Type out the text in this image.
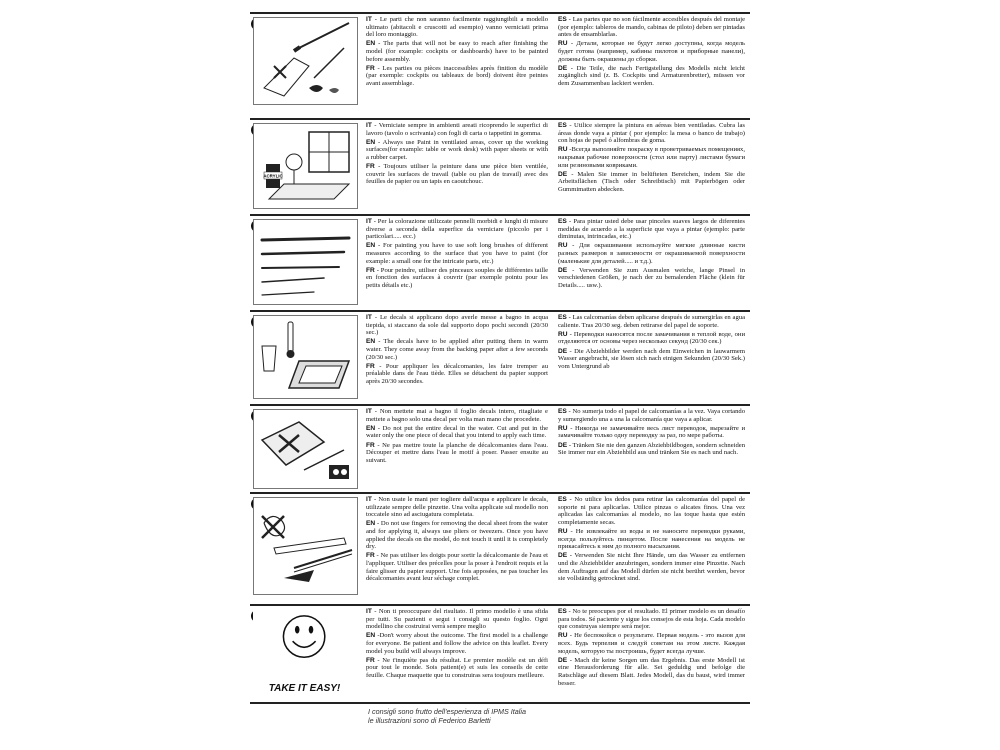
IT - Le parti che non saranno facilmente raggiungibili a modello ultimato (abitacoli e cruscotti ad esempio) vanno verniciati prima del loro montaggio.

EN - The parts that will not be easy to reach after finishing the model (for example: cockpits or dashboards) have to be painted before assembly.

FR - Les parties ou pièces inaccessibles après finition du modèle (par exemple: cockpits ou tableaux de bord) doivent être peintes avant assemblage.

ES - Las partes que no son fácilmente accesibles después del montaje (por ejemplo: tableros de mando, cabinas de piloto) deben ser pintadas antes de ensamblarlas.

RU - Детали, которые не будут легко доступны, когда модель будет готова (например, кабины пилотов и приборные панели), должны быть окрашены до сборки.

DE - Die Teile, die nach Fertigstellung des Modells nicht leicht zugänglich sind (z. B. Cockpits und Armaturenbretter), müssen vor dem Zusammenbau lackiert werden.

ACRYLIC

IT - Verniciate sempre in ambienti areati ricoprendo le superfici di lavoro (tavolo o scrivania) con fogli di carta o tappetini in gomma.

EN - Always use Paint in ventilated areas, cover up the working surfaces(for example: table or work desk) with paper sheets or with a rubber carpet.

FR - Toujours utiliser la peinture dans une pièce bien ventilée, couvrir les surfaces de travail (table ou plan de travail) avec des feuilles de papier ou un tapis en caoutchouc.

ES - Utilice siempre la pintura en aéreas bien ventiladas. Cubra las áreas donde vaya a pintar ( por ejemplo: la mesa o banco de trabajo) con hojas de papel ó alfombras de goma.

RU -Всегда выполняйте покраску в проветриваемых помещениях, накрывая рабочие поверхности (стол или парту) листами бумаги или резиновыми ковриками.

DE - Malen Sie immer in belüfteten Bereichen, indem Sie die Arbeitsflächen (Tisch oder Schreibtisch) mit Papierbögen oder Gummimatten abdecken.

IT - Per la colorazione utilizzate pennelli morbidi e lunghi di misure diverse a seconda della superfice da verniciare (piccolo per i particolari..... ecc.)

EN - For painting you have to use soft long brushes of different measures according to the surface that you have to paint (for example: a small one for the intricate parts, etc.)

FR - Pour peindre, utiliser des pinceaux souples de différentes taille en fonction des surfaces à couvrir (par exemple pointu pour les petits détails etc.)

ES - Para pintar usted debe usar pinceles suaves largos de diferentes medidas de acuerdo a la superficie que vaya a pintar (ejemplo: parte diminutas, intrincadas, etc.)

RU - Для окрашивания используйте мягкие длинные кисти разных размеров в зависимости от окрашиваемой поверхности (маленькие для деталей..... и т.д.).

DE - Verwenden Sie zum Ausmalen weiche, lange Pinsel in verschiedenen Größen, je nach der zu bemalenden Fläche (klein für Details..... usw.).

IT - Le decals si applicano dopo averle messe a bagno in acqua tiepida, si staccano da sole dal supporto dopo pochi secondi (20/30 sec.)

EN - The decals have to be applied after putting them in warm water. They come away from the backing paper after a few seconds (20/30 sec.)

FR - Pour appliquer les décalcomanies, les faire tremper au préalable dans de l'eau tiède. Elles se détachent du papier support après 20/30 secondes.

ES - Las calcomanías deben aplicarse después de sumergirlas en agua caliente. Tras 20/30 seg. deben retirarse del papel de soporte.

RU - Переводки наносятся после замачивания в теплой воде, они отделяются от основы через несколько секунд (20/30 сек.)

DE - Die Abziehbilder werden nach dem Einweichen in lauwarmem Wasser angebracht, sie lösen sich nach einigen Sekunden (20/30 Sek.) vom Untergrund ab

IT - Non mettete mai a bagno il foglio decals intero, ritagliate e mettete a bagno solo una decal per volta man mano che procedete.

EN - Do not put the entire decal in the water. Cut and put in the water only the one piece of decal that you intend to apply each time.

FR - Ne pas mettre toute la planche de décalcomanies dans l'eau. Découper et mettre dans l'eau le motif à poser. Passer ensuite au suivant.

ES - No sumerja todo el papel de calcomanías a la vez. Vaya cortando y sumergiendo una a una la calcomanía que vaya a aplicar.

RU - Никогда не замачивайте весь лист переводок, вырезайте и замачивайте только одну переводку за раз, по мере работы.

DE - Tränken Sie nie den ganzen Abziehbildbogen, sondern schneiden Sie immer nur ein Abziehbild aus und tränken Sie es nach und nach.

IT - Non usate le mani per togliere dall'acqua e applicare le decals, utilizzate sempre delle pinzette. Una volta applicate sul modello non toccatele sino ad asciugatura completata.

EN - Do not use fingers for removing the decal sheet from the water and for applying it, always use pliers or tweezers. Once you have applied the decals on the model, do not touch it until it is completely dry.

FR - Ne pas utiliser les doigts pour sortir la décalcomanie de l'eau et l'appliquer. Utiliser des précelles pour la poser à l'endroit requis et la faire glisser du papier support. Une fois apposées, ne pas toucher les décalcomanies avant leur séchage complet.

ES - No utilice los dedos para retirar las calcomanías del papel de soporte ni para aplicarlas. Utilice pinzas o alicates finos. Una vez aplicadas las calcomanías al modelo, no las toque hasta que estén completamente secas.

RU - Не извлекайте из воды и не наносите переводки руками, всегда пользуйтесь пинцетом. После нанесения на модель не прикасайтесь к ним до полного высыхания.

DE - Verwenden Sie nicht Ihre Hände, um das Wasser zu entfernen und die Abziehbilder anzubringen, sondern immer eine Pinzette. Nach dem Auftragen auf das Modell dürfen sie nicht berührt werden, bevor sie vollständig getrocknet sind.

TAKE IT EASY!

IT - Non ti preoccupare del risultato. Il primo modello è una sfida per tutti. Su pazienti e segui i consigli su questo foglio. Ogni modellino che costruirai verrà sempre meglio

EN -Don't worry about the outcome. The first model is a challenge for everyone. Be patient and follow the advice on this leaflet. Every model you build will always improve.

FR - Ne t'inquiète pas du résultat. Le premier modèle est un défi pour tout le monde. Sois patient(e) et suis les conseils de cette feuille. Chaque maquette que tu construiras sera toujours meilleure.

ES - No te preocupes por el resultado. El primer modelo es un desafío para todos. Sé paciente y sigue los consejos de esta hoja. Cada modelo que construyas siempre será mejor.

RU - Не беспокойся о результате. Первая модель - это вызов для всех. Будь терпелив и следуй советам на этом листе. Каждая модель, которую ты построишь, будет всегда лучше.

DE - Mach dir keine Sorgen um das Ergebnis. Das erste Modell ist eine Herausforderung für alle. Sei geduldig und befolge die Ratschläge auf diesem Blatt. Jedes Modell, das du baust, wird immer besser.

I consigli sono frutto dell'esperienza di IPMS Italia
le illustrazioni sono di Federico Barletti
